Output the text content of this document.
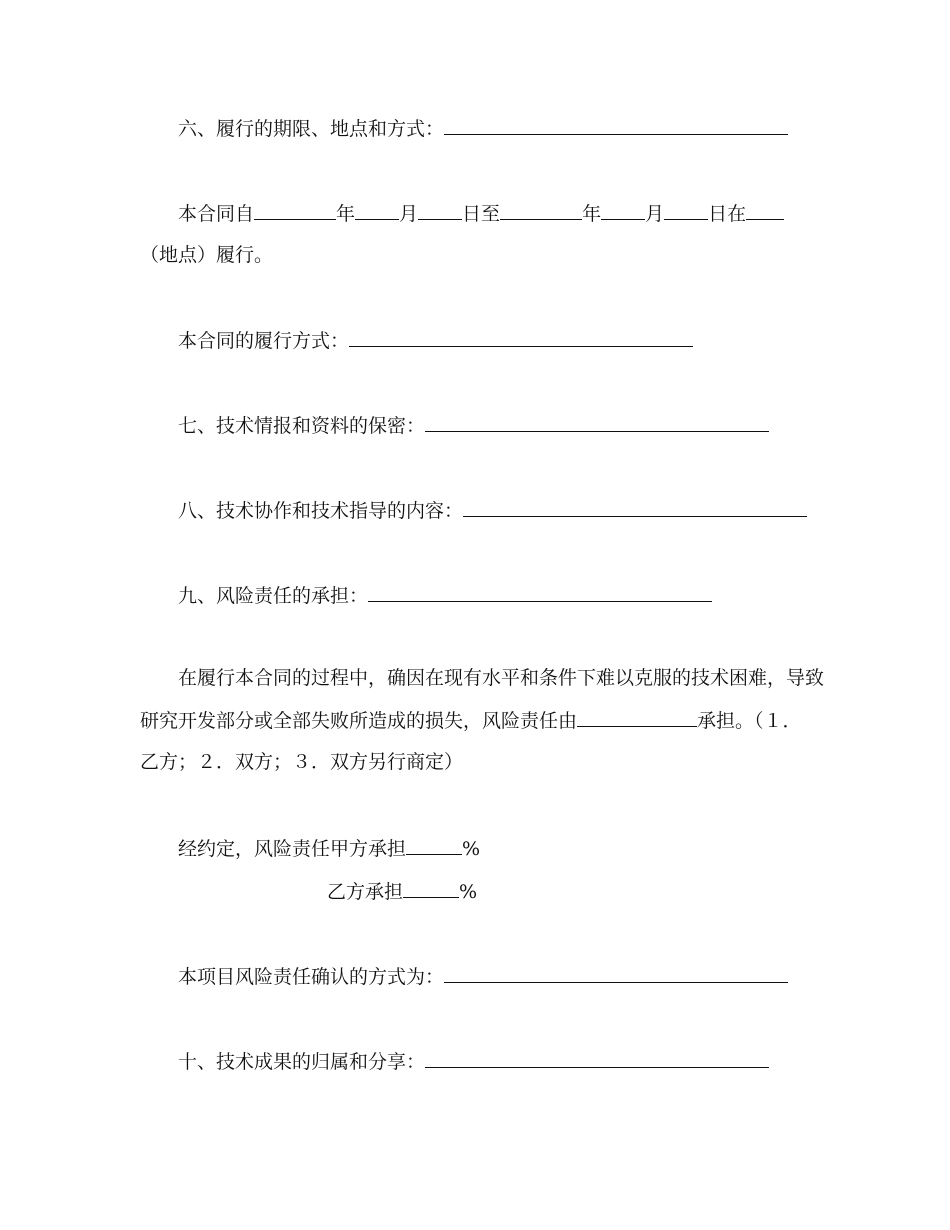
六、履行的期限、地点和方式：
本合同自	年 月 日至	年 月 日在
（地点）履行。
本合同的履行方式：
七、技术情报和资料的保密：
八、技术协作和技术指导的内容：
九、风险责任的承担：
在履行本合同的过程中，确因在现有水平和条件下难以克服的技术困难，导致
研究开发部分或全部失败所造成的损失，风险责任由	承担。（１．
乙方；２．双方；３．双方另行商定）
经约定，风险责任甲方承担	%
乙方承担	%
本项目风险责任确认的方式为：
十、技术成果的归属和分享：
